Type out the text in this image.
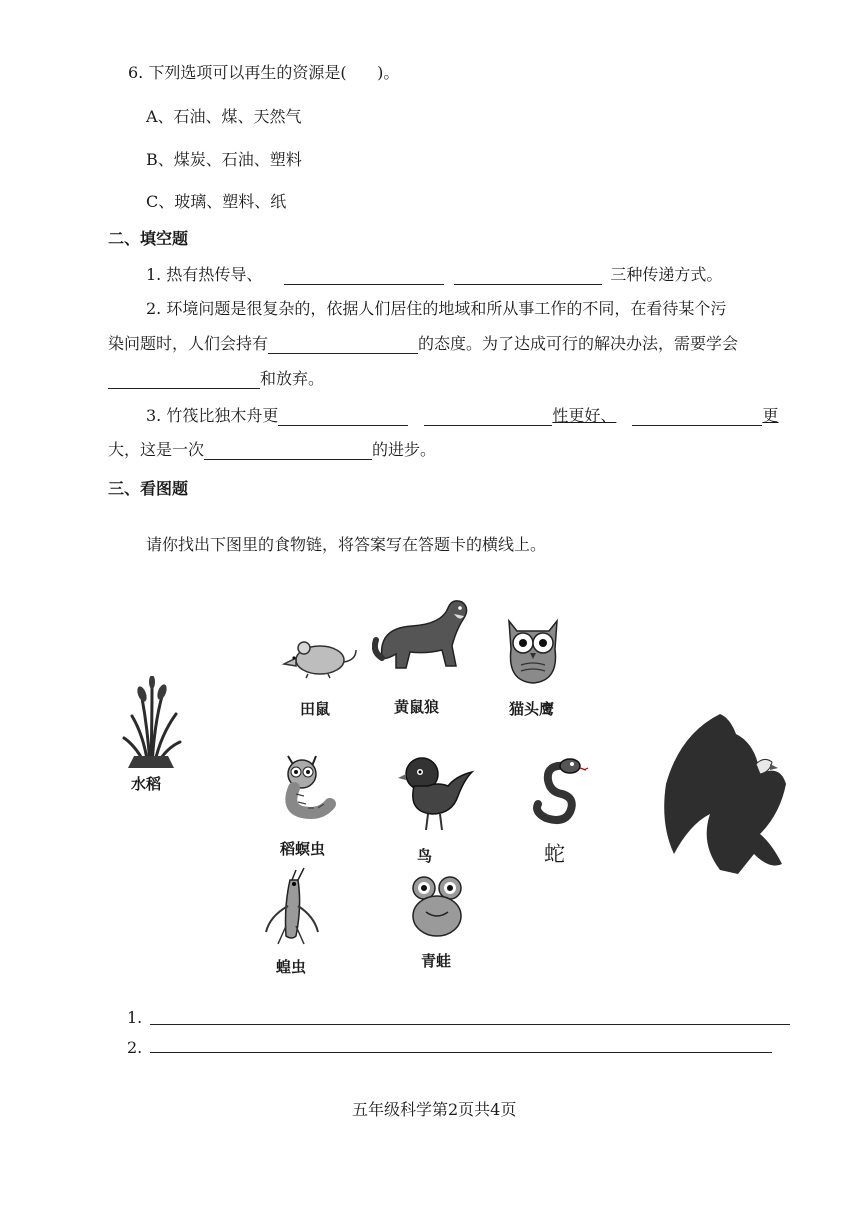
6. 下列选项可以再生的资源是(      )。
A、石油、煤、天然气
B、煤炭、石油、塑料
C、玻璃、塑料、纸
二、填空题
1. 热有热传导、	三种传递方式。
2. 环境问题是很复杂的，依据人们居住的地域和所从事工作的不同，在看待某个污
染问题时，人们会持有	的态度。为了达成可行的解决办法，需要学会
和放弃。
3. 竹筏比独木舟更	性更好、	更
大，这是一次	的进步。
三、看图题
请你找出下图里的食物链，将答案写在答题卡的横线上。
水稻
田鼠	黄鼠狼	猫头鹰
稻螟虫	鸟	蛇
蝗虫	青蛙
1.
2.
五年级科学第2页共4页
